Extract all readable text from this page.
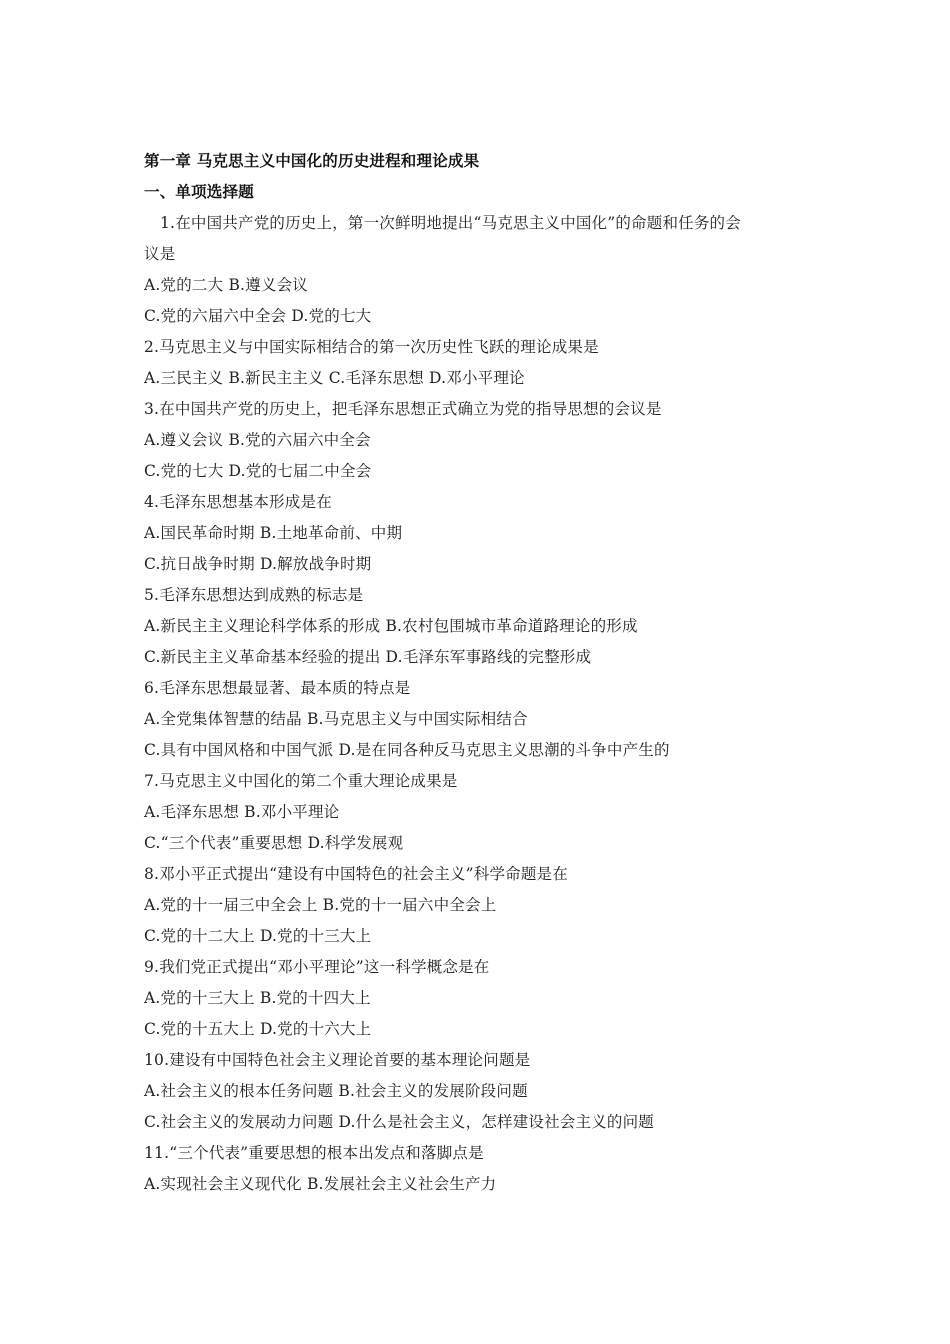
第一章 马克思主义中国化的历史进程和理论成果
一、单项选择题
1.在中国共产党的历史上，第一次鲜明地提出“马克思主义中国化”的命题和任务的会
议是
A.党的二大 B.遵义会议
C.党的六届六中全会 D.党的七大
2.马克思主义与中国实际相结合的第一次历史性飞跃的理论成果是
A.三民主义 B.新民主主义 C.毛泽东思想 D.邓小平理论
3.在中国共产党的历史上，把毛泽东思想正式确立为党的指导思想的会议是
A.遵义会议 B.党的六届六中全会
C.党的七大 D.党的七届二中全会
4.毛泽东思想基本形成是在
A.国民革命时期 B.土地革命前、中期
C.抗日战争时期 D.解放战争时期
5.毛泽东思想达到成熟的标志是
A.新民主主义理论科学体系的形成 B.农村包围城市革命道路理论的形成
C.新民主主义革命基本经验的提出 D.毛泽东军事路线的完整形成
6.毛泽东思想最显著、最本质的特点是
A.全党集体智慧的结晶 B.马克思主义与中国实际相结合
C.具有中国风格和中国气派 D.是在同各种反马克思主义思潮的斗争中产生的
7.马克思主义中国化的第二个重大理论成果是
A.毛泽东思想 B.邓小平理论
C.“三个代表”重要思想 D.科学发展观
8.邓小平正式提出“建设有中国特色的社会主义”科学命题是在
A.党的十一届三中全会上 B.党的十一届六中全会上
C.党的十二大上 D.党的十三大上
9.我们党正式提出“邓小平理论”这一科学概念是在
A.党的十三大上 B.党的十四大上
C.党的十五大上 D.党的十六大上
10.建设有中国特色社会主义理论首要的基本理论问题是
A.社会主义的根本任务问题 B.社会主义的发展阶段问题
C.社会主义的发展动力问题 D.什么是社会主义，怎样建设社会主义的问题
11.“三个代表”重要思想的根本出发点和落脚点是
A.实现社会主义现代化 B.发展社会主义社会生产力
